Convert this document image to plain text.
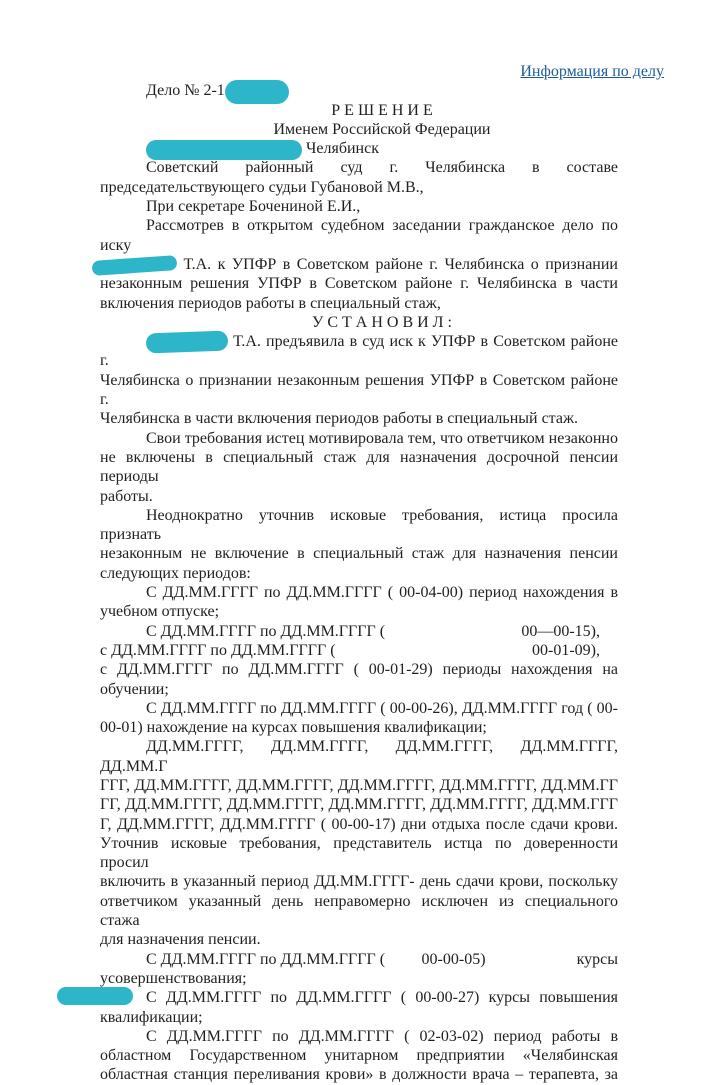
Информация по делу
Дело № 2-1
Р Е Ш Е Н И Е
Именем Российской Федерации
Челябинск
Советский районный суд г. Челябинска в составе
председательствующего судьи Губановой М.В.,
При секретаре Бочениной Е.И.,
Рассмотрев в открытом судебном заседании гражданское дело по иску
Т.А. к УПФР в Советском районе г. Челябинска о признании
незаконным решения УПФР в Советском районе г. Челябинска в части
включения периодов работы в специальный стаж,
У С Т А Н О В И Л :
Т.А. предъявила в суд иск к УПФР в Советском районе г.
Челябинска о признании незаконным решения УПФР в Советском районе г.
Челябинска в части включения периодов работы в специальный стаж.
Свои требования истец мотивировала тем, что ответчиком незаконно
не включены в специальный стаж для назначения досрочной пенсии периоды
работы.
Неоднократно уточнив исковые требования, истица просила признать
незаконным не включение в специальный стаж для назначения пенсии
следующих периодов:
С ДД.ММ.ГГГГ по ДД.ММ.ГГГГ ( 00-04-00) период нахождения в
учебном отпуске;
С ДД.ММ.ГГГГ по ДД.ММ.ГГГГ (	00—00-15),
с ДД.ММ.ГГГГ по ДД.ММ.ГГГГ (	00-01-09),
с ДД.ММ.ГГГГ по ДД.ММ.ГГГГ ( 00-01-29) периоды нахождения на
обучении;
С ДД.ММ.ГГГГ по ДД.ММ.ГГГГ ( 00-00-26), ДД.ММ.ГГГГ год ( 00-
00-01) нахождение на курсах повышения квалификации;
ДД.ММ.ГГГГ, ДД.ММ.ГГГГ, ДД.ММ.ГГГГ, ДД.ММ.ГГГГ, ДД.ММ.Г
ГГГ, ДД.ММ.ГГГГ, ДД.ММ.ГГГГ, ДД.ММ.ГГГГ, ДД.ММ.ГГГГ, ДД.ММ.ГГ
ГГ, ДД.ММ.ГГГГ, ДД.ММ.ГГГГ, ДД.ММ.ГГГГ, ДД.ММ.ГГГГ, ДД.ММ.ГГГ
Г, ДД.ММ.ГГГГ, ДД.ММ.ГГГГ ( 00-00-17) дни отдыха после сдачи крови.
Уточнив исковые требования, представитель истца по доверенности просил
включить в указанный период ДД.ММ.ГГГГ- день сдачи крови, поскольку
ответчиком указанный день неправомерно исключен из специального стажа
для назначения пенсии.
С ДД.ММ.ГГГГ по ДД.ММ.ГГГГ ( 00-00-05)	курсы
усовершенствования;
С ДД.ММ.ГГГГ по ДД.ММ.ГГГГ ( 00-00-27) курсы повышения
квалификации;
С ДД.ММ.ГГГГ по ДД.ММ.ГГГГ ( 02-03-02) период работы в
областном Государственном унитарном предприятии «Челябинская
областная станция переливания крови» в должности врача – терапевта, за
